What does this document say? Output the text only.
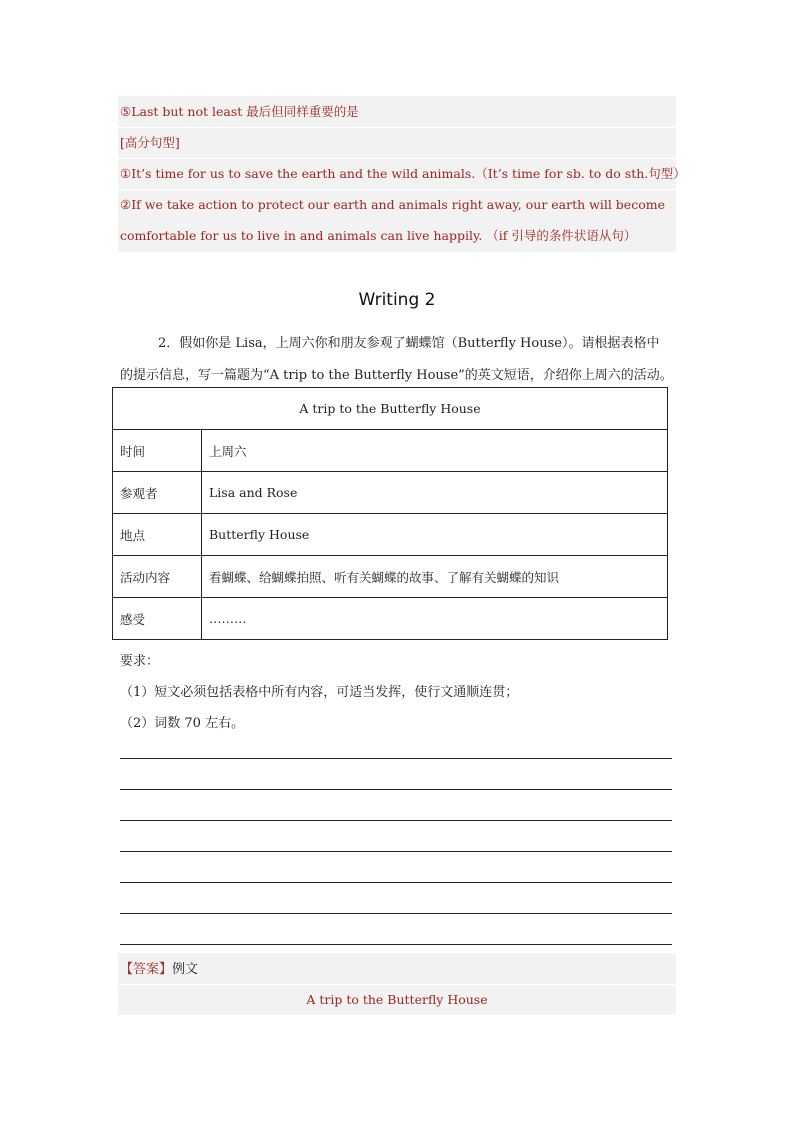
⑤Last but not least 最后但同样重要的是
[高分句型]
①It’s time for us to save the earth and the wild animals.（It’s time for sb. to do sth.句型）
②If we take action to protect our earth and animals right away, our earth will become
comfortable for us to live in and animals can live happily. （if 引导的条件状语从句）
Writing 2
2．假如你是 Lisa，上周六你和朋友参观了蝴蝶馆（Butterfly House）。请根据表格中
的提示信息，写一篇题为“A trip to the Butterfly House”的英文短语，介绍你上周六的活动。
A trip to the Butterfly House	
时间	上周六
参观者	Lisa and Rose
地点	Butterfly House
活动内容	看蝴蝶、给蝴蝶拍照、听有关蝴蝶的故事、了解有关蝴蝶的知识
感受	………
要求：
（1）短文必须包括表格中所有内容，可适当发挥，使行文通顺连贯；
（2）词数 70 左右。
【答案】例文
A trip to the Butterfly House
